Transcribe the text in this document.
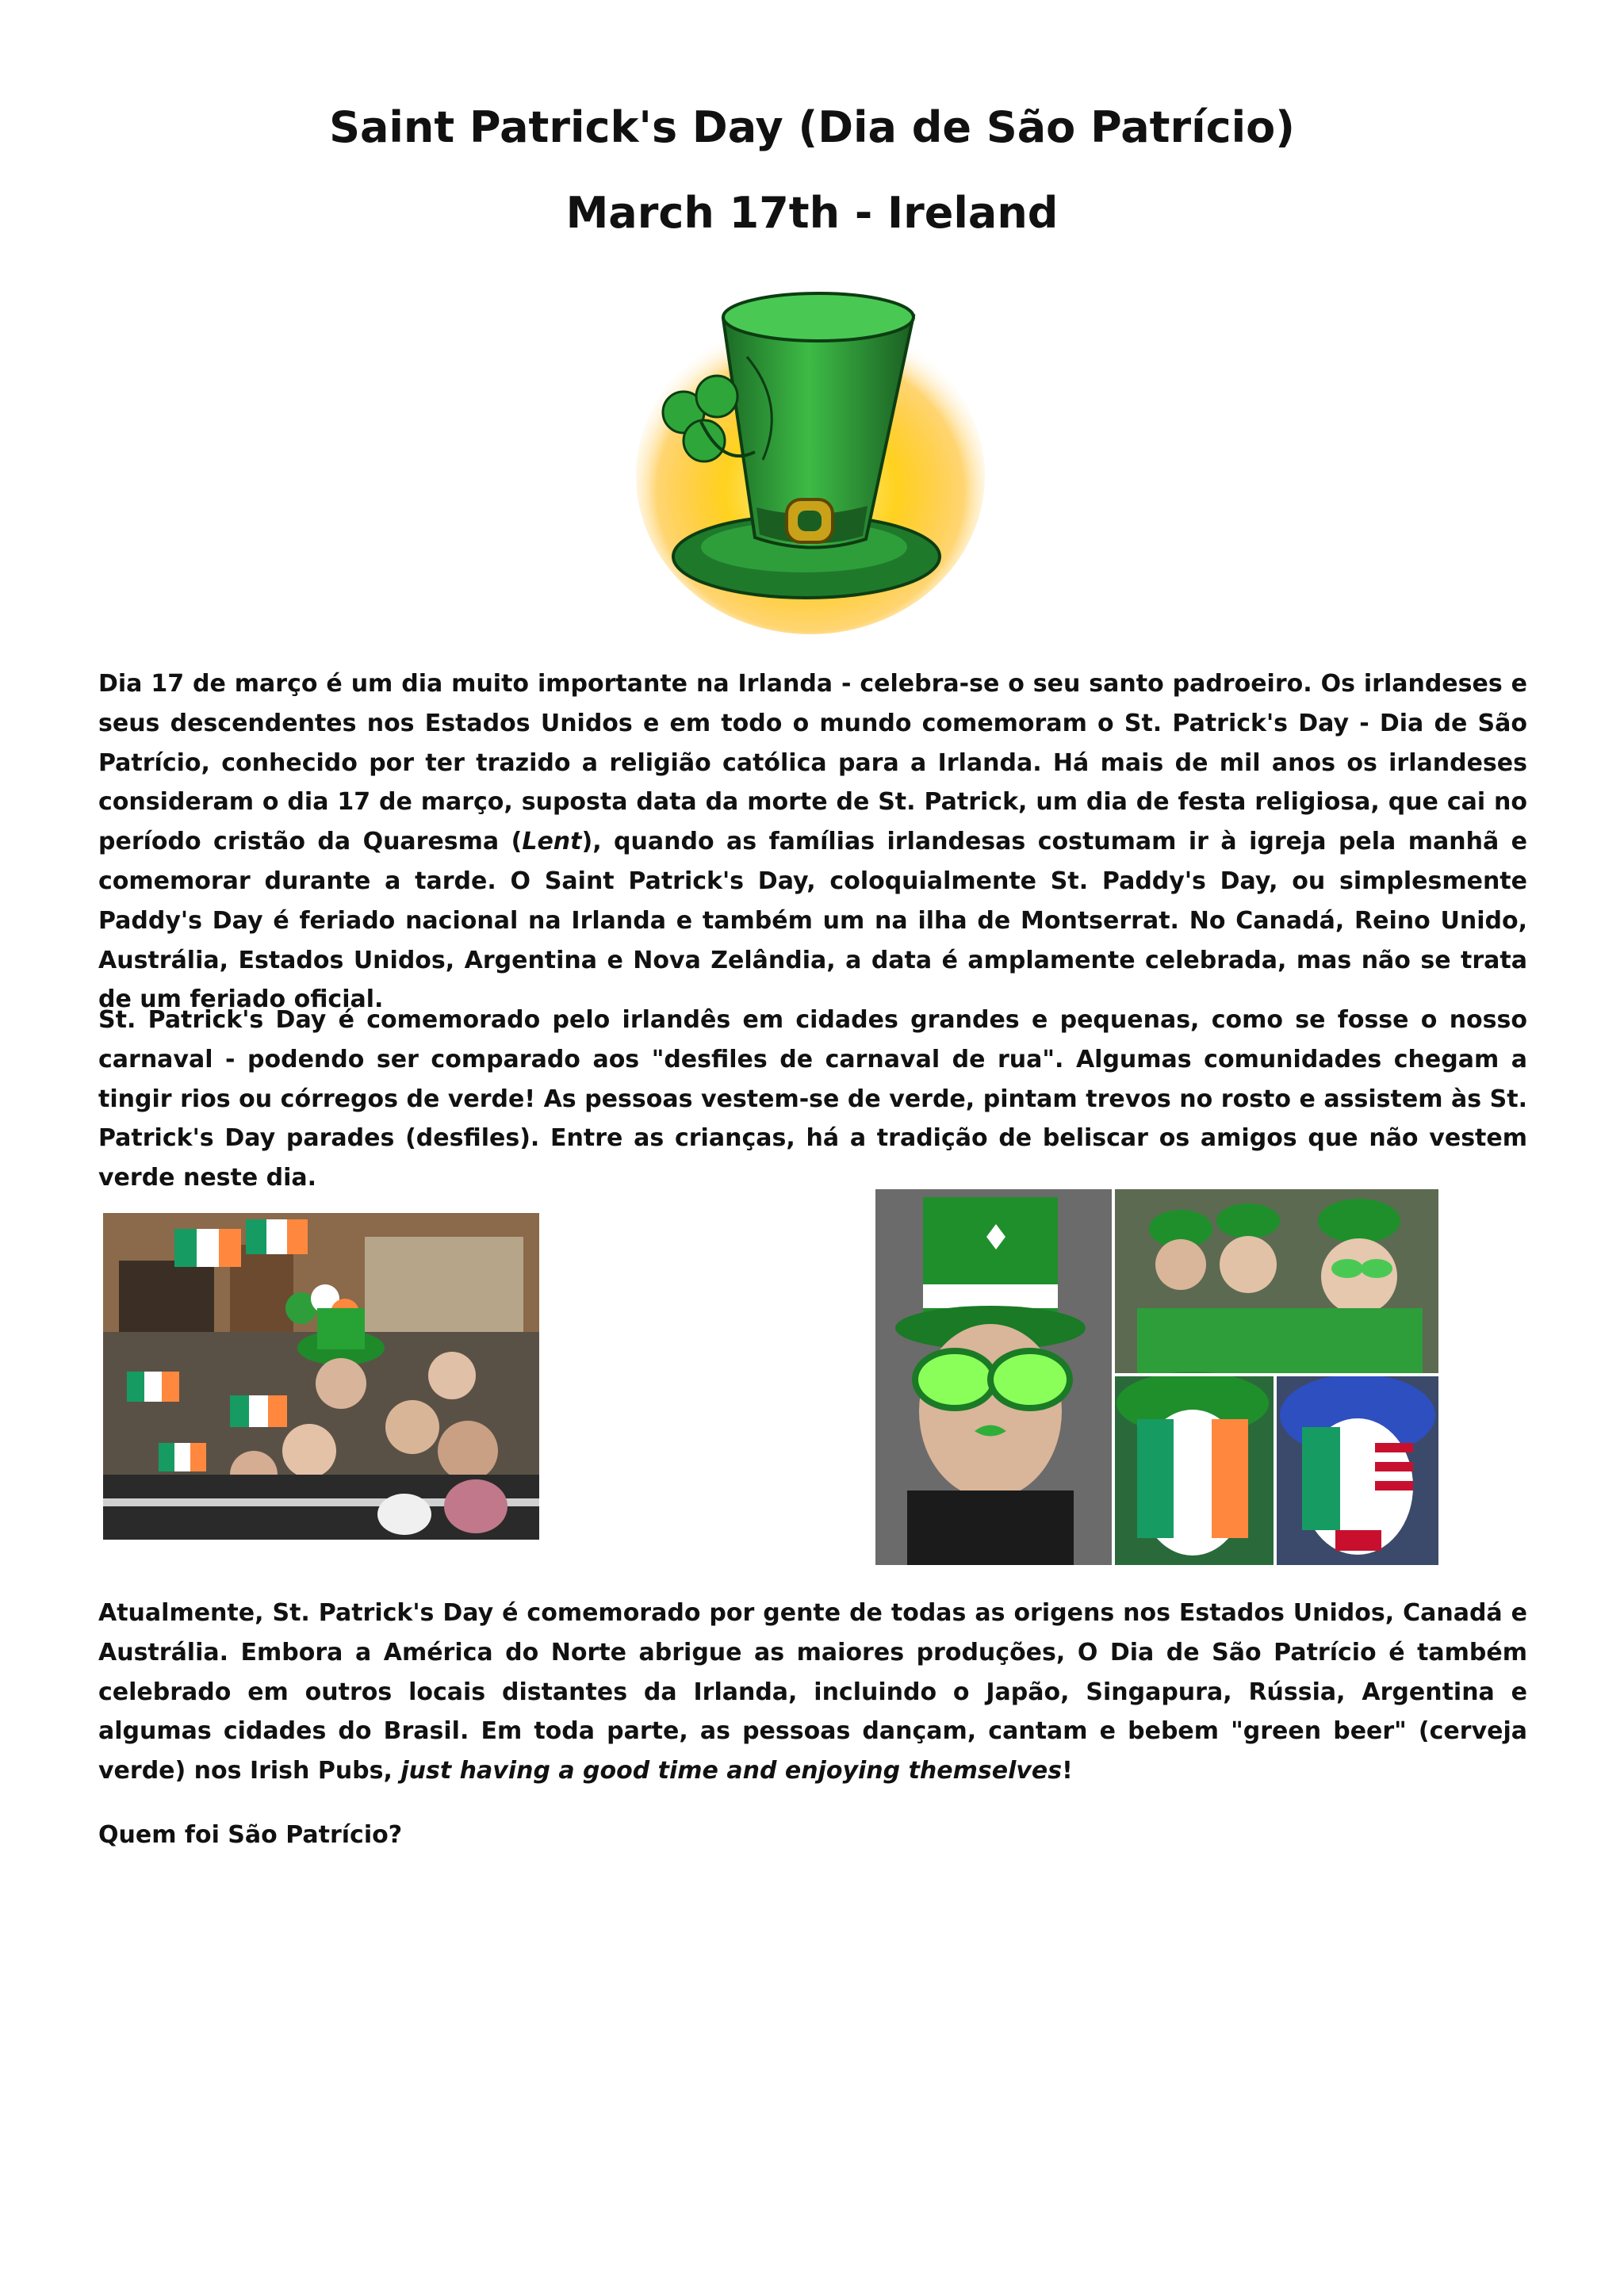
Saint Patrick's Day (Dia de São Patrício)
March 17th - Ireland

Dia 17 de março é um dia muito importante na Irlanda - celebra-se o seu santo padroeiro. Os irlandeses e seus descendentes nos Estados Unidos e em todo o mundo comemoram o St. Patrick's Day - Dia de São Patrício, conhecido por ter trazido a religião católica para a Irlanda. Há mais de mil anos os irlandeses consideram o dia 17 de março, suposta data da morte de St. Patrick, um dia de festa religiosa, que cai no período cristão da Quaresma (Lent), quando as famílias irlandesas costumam ir à igreja pela manhã e comemorar durante a tarde. O Saint Patrick's Day, coloquialmente St. Paddy's Day, ou simplesmente Paddy's Day é feriado nacional na Irlanda e também um na ilha de Montserrat. No Canadá, Reino Unido, Austrália, Estados Unidos, Argentina e Nova Zelândia, a data é amplamente celebrada, mas não se trata de um feriado oficial.

St. Patrick's Day é comemorado pelo irlandês em cidades grandes e pequenas, como se fosse o nosso carnaval - podendo ser comparado aos "desfiles de carnaval de rua". Algumas comunidades chegam a tingir rios ou córregos de verde! As pessoas vestem-se de verde, pintam trevos no rosto e assistem às St. Patrick's Day parades (desfiles). Entre as crianças, há a tradição de beliscar os amigos que não vestem verde neste dia.

Atualmente, St. Patrick's Day é comemorado por gente de todas as origens nos Estados Unidos, Canadá e Austrália. Embora a América do Norte abrigue as maiores produções, O Dia de São Patrício é também celebrado em outros locais distantes da Irlanda, incluindo o Japão, Singapura, Rússia, Argentina e algumas cidades do Brasil. Em toda parte, as pessoas dançam, cantam e bebem "green beer" (cerveja verde) nos Irish Pubs, just having a good time and enjoying themselves!

Quem foi São Patrício?
